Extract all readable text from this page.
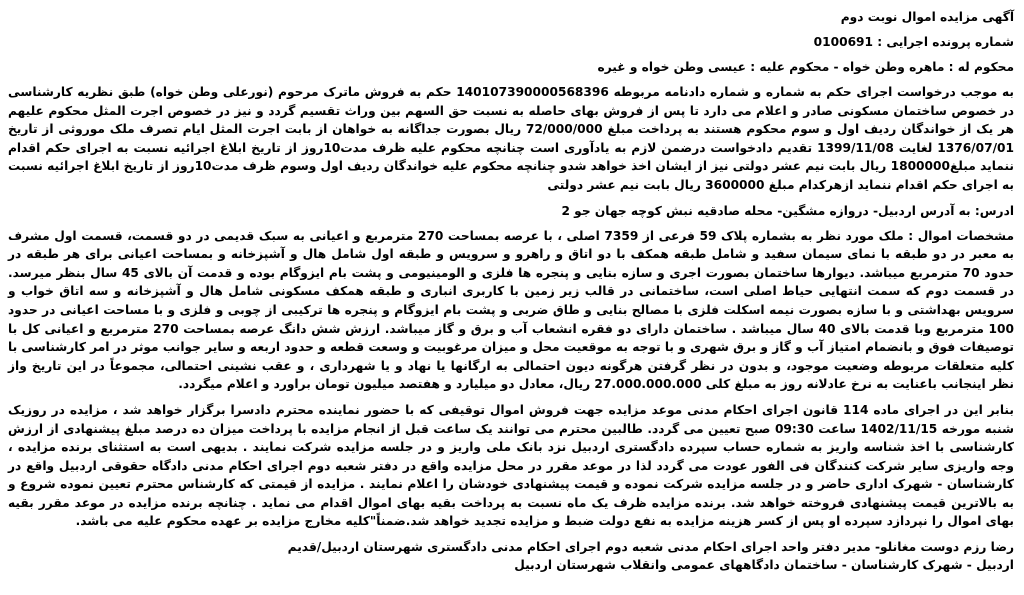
آگهی مزایده اموال نوبت دوم
شماره پرونده اجرایی : 0100691
محکوم له : ماهره وطن خواه - محکوم علیه : عیسی وطن خواه و غیره
به موجب درخواست اجرای حکم به شماره و شماره دادنامه مربوطه 140107390000568396 حکم به فروش ماترک مرحوم (نورعلی وطن خواه) طبق نظریه کارشناسی در خصوص ساختمان مسکونی صادر و اعلام می دارد تا پس از فروش بهای حاصله به نسبت حق السهم بین وراث تقسیم گردد و نیز در خصوص اجرت المثل محکوم علیهم هر یک از خواندگان ردیف اول و سوم محکوم هستند به پرداخت مبلغ 72/000/000 ریال بصورت جداگانه به خواهان از بابت اجرت المثل ایام تصرف ملک موروثی از تاریخ 1376/07/01 لغایت 1399/11/08 تقدیم دادخواست درضمن لازم به یادآوری است چنانچه محکوم علیه ظرف مدت10روز از تاریخ ابلاغ اجرائیه نسبت به اجرای حکم اقدام ننماید مبلغ1800000 ریال بابت نیم عشر دولتی نیز از ایشان اخذ خواهد شدو چنانچه محکوم علیه خواندگان ردیف اول وسوم ظرف مدت10روز از تاریخ ابلاغ اجرائیه نسبت به اجرای حکم اقدام ننماید ازهرکدام مبلغ 3600000 ریال بابت نیم عشر دولتی
ادرس: به آدرس اردبیل- دروازه مشگین- محله صادقیه نبش کوچه جهان جو 2
مشخصات اموال : ملک مورد نظر به بشماره پلاک 59 فرعی از 7359 اصلی ، با عرصه بمساحت 270 مترمربع و اعیانی به سبک قدیمی در دو قسمت، قسمت اول مشرف به معبر در دو طبقه با نمای سیمان سفید و شامل طبقه همکف با دو اتاق و راهرو و سرویس و طبقه اول شامل هال و آشپزخانه و بمساحت اعیانی برای هر طبقه در حدود 70 مترمربع میباشد. دیوارها ساختمان بصورت اجری و سازه بنایی و پنجره ها فلزی و الومینیومی و پشت بام ایزوگام بوده و قدمت آن بالای 45 سال بنظر میرسد. در قسمت دوم که سمت انتهایی حیاط اصلی است، ساختمانی در قالب زیر زمین با کاربری انباری و طبقه همکف مسکونی شامل هال و آشپزخانه و سه اتاق خواب و سرویس بهداشتی و با سازه بصورت نیمه اسکلت فلزی با مصالح بنایی و طاق ضربی و پشت بام ایزوگام و پنجره ها ترکیبی از چوبی و فلزی و با مساحت اعیانی در حدود 100 مترمربع وبا قدمت بالای 40 سال میباشد . ساختمان دارای دو فقره انشعاب آب و برق و گاز میباشد. ارزش شش دانگ عرصه بمساحت 270 مترمربع و اعیانی کل با توصیفات فوق و بانضمام امتیاز آب و گاز و برق شهری و با توجه به موقعیت محل و میزان مرغوبیت و وسعت قطعه و حدود اربعه و سایر جوانب موثر در امر کارشناسی با کلیه متعلقات مربوطه وضعیت موجود، و بدون در نظر گرفتن هرگونه دیون احتمالی به ارگانها یا نهاد و یا شهرداری ، و عقب نشینی احتمالی، مجموعاً در این تاریخ واز نظر اینجانب باعنایت به نرخ عادلانه روز به مبلغ کلی 27.000.000.000 ریال، معادل دو میلیارد و هفتصد میلیون تومان براورد و اعلام میگردد.
بنابر این در اجرای ماده 114 قانون اجرای احکام مدنی موعد مزایده جهت فروش اموال توقیفی که با حضور نماینده محترم دادسرا برگزار خواهد شد ، مزایده در روزیک شنبه مورخه 1402/11/15 ساعت 09:30 صبح تعیین می گردد. طالبین محترم می توانند یک ساعت قبل از انجام مزایده با پرداخت میزان ده درصد مبلغ پیشنهادی از ارزش کارشناسی با اخذ شناسه واریز به شماره حساب سپرده دادگستری اردبیل نزد بانک ملی واریز و در جلسه مزایده شرکت نمایند . بدیهی است به استثنای برنده مزایده ، وجه واریزی سایر شرکت کنندگان فی الفور عودت می گردد لذا در موعد مقرر در محل مزایده واقع در دفتر شعبه دوم اجرای احکام مدنی دادگاه حقوقی اردبیل واقع در کارشناسان - شهرک اداری حاضر و در جلسه مزایده شرکت نموده و قیمت پیشنهادی خودشان را اعلام نمایند . مزایده از قیمتی که کارشناس محترم تعیین نموده شروع و به بالاترین قیمت پیشنهادی فروخته خواهد شد. برنده مزایده ظرف یک ماه نسبت به پرداخت بقیه بهای اموال اقدام می نماید . چنانچه برنده مزایده در موعد مقرر بقیه بهای اموال را نپردازد سپرده او پس از کسر هزینه مزایده به نفع دولت ضبط و مزایده تجدید خواهد شد.ضمناً"کلیه مخارج مزایده بر عهده محکوم علیه می باشد.
رضا رزم دوست مغانلو- مدیر دفتر واحد اجرای احکام مدنی شعبه دوم اجرای احکام مدنی دادگستری شهرستان اردبیل/قدیم
اردبیل - شهرک کارشناسان - ساختمان دادگاههای عمومی وانقلاب شهرستان اردبیل
